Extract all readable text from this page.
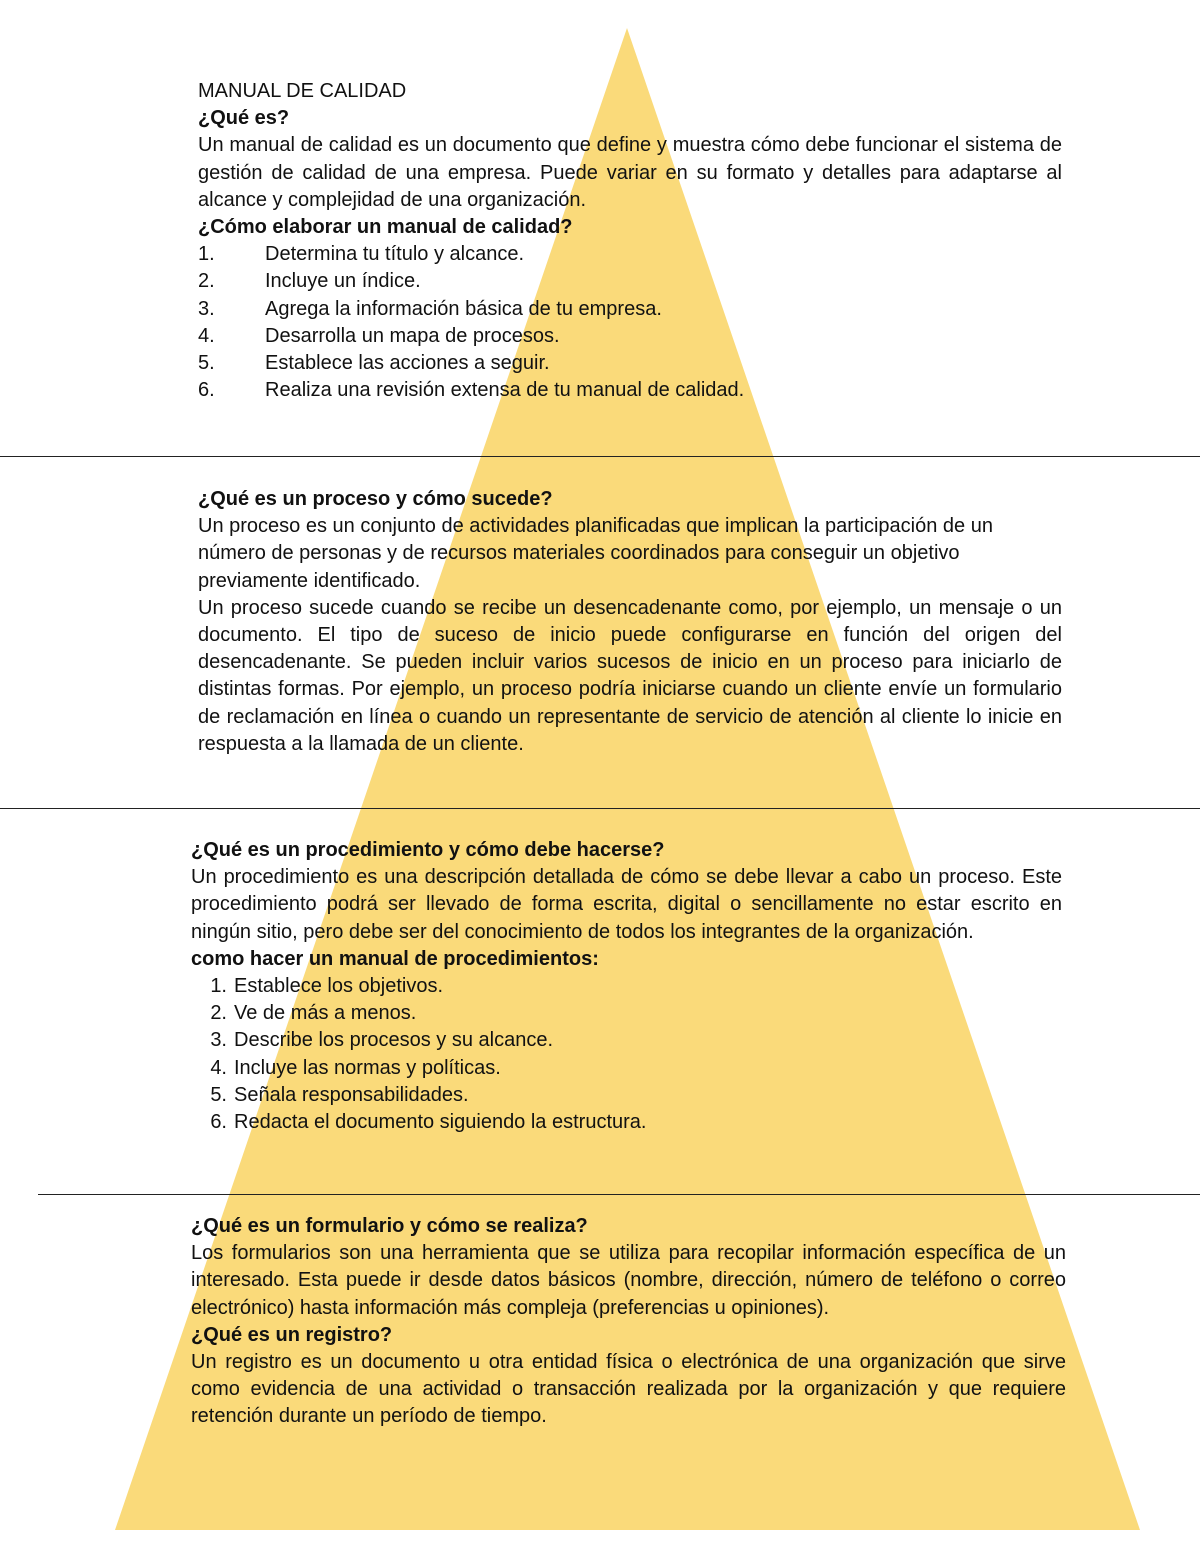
MANUAL DE CALIDAD

¿Qué es?

Un manual de calidad es un documento que define y muestra cómo debe funcionar el sistema de gestión de calidad de una empresa. Puede variar en su formato y detalles para adaptarse al alcance y complejidad de una organización.

¿Cómo elaborar un manual de calidad?

1.	Determina tu título y alcance.
2.	Incluye un índice.
3.	Agrega la información básica de tu empresa.
4.	Desarrolla un mapa de procesos.
5.	Establece las acciones a seguir.
6.	Realiza una revisión extensa de tu manual de calidad.

¿Qué es un proceso y cómo sucede?

Un proceso es un conjunto de actividades planificadas que implican la participación de un número de personas y de recursos materiales coordinados para conseguir un objetivo previamente identificado.

Un proceso sucede cuando se recibe un desencadenante como, por ejemplo, un mensaje o un documento. El tipo de suceso de inicio puede configurarse en función del origen del desencadenante. Se pueden incluir varios sucesos de inicio en un proceso para iniciarlo de distintas formas. Por ejemplo, un proceso podría iniciarse cuando un cliente envíe un formulario de reclamación en línea o cuando un representante de servicio de atención al cliente lo inicie en respuesta a la llamada de un cliente.

¿Qué es un procedimiento y cómo debe hacerse?

Un procedimiento es una descripción detallada de cómo se debe llevar a cabo un proceso. Este procedimiento podrá ser llevado de forma escrita, digital o sencillamente no estar escrito en ningún sitio, pero debe ser del conocimiento de todos los integrantes de la organización.

como hacer un manual de procedimientos:

1. Establece los objetivos.
2. Ve de más a menos.
3. Describe los procesos y su alcance.
4. Incluye las normas y políticas.
5. Señala responsabilidades.
6. Redacta el documento siguiendo la estructura.

¿Qué es un formulario y cómo se realiza?

Los formularios son una herramienta que se utiliza para recopilar información específica de un interesado. Esta puede ir desde datos básicos (nombre, dirección, número de teléfono o correo electrónico) hasta información más compleja (preferencias u opiniones).

¿Qué es un registro?

Un registro es un documento u otra entidad física o electrónica de una organización que sirve como evidencia de una actividad o transacción realizada por la organización y que requiere retención durante un período de tiempo.
